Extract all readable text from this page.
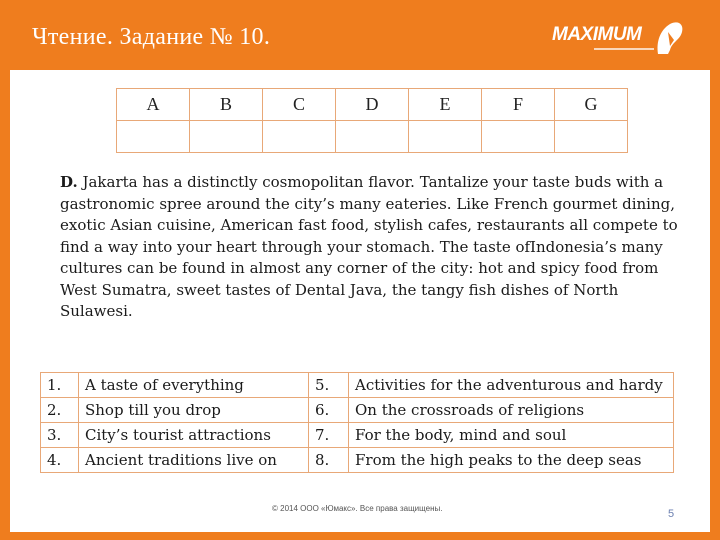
Чтение. Задание № 10.	MAXIMUM
A	B	C	D	E	F	G

D. Jakarta has a distinctly cosmopolitan flavor. Tantalize your taste buds with a gastronomic spree around the city’s many eateries. Like French gourmet dining, exotic Asian cuisine, American fast food, stylish cafes, restaurants all compete to find a way into your heart through your stomach. The taste ofIndonesia’s many cultures can be found in almost any corner of the city: hot and spicy food from West Sumatra, sweet tastes of Dental Java, the tangy fish dishes of North Sulawesi.

1.	A taste of everything	5.	Activities for the adventurous and hardy
2.	Shop till you drop	6.	On the crossroads of religions
3.	City’s tourist attractions	7.	For the body, mind and soul
4.	Ancient traditions live on	8.	From the high peaks to the deep seas
© 2014 ООО «Юмакс». Все права защищены.	5
